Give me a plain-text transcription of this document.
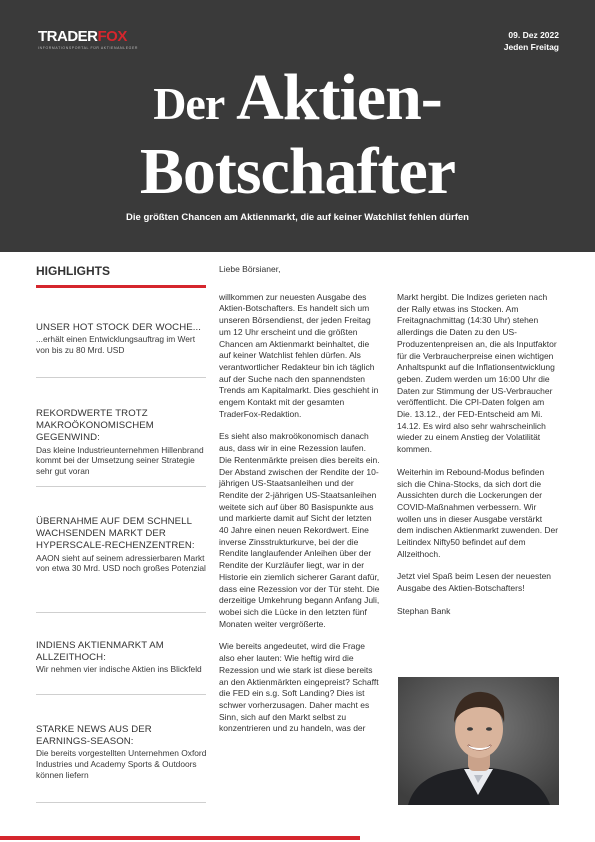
TRADERFOX
INFORMATIONSPORTAL FÜR AKTIENANLEGER
09. Dez 2022
Jeden Freitag
Der Aktien-
Botschafter
Die größten Chancen am Aktienmarkt, die auf keiner Watchlist fehlen dürfen
HIGHLIGHTS
UNSER HOT STOCK DER WOCHE...
...erhält einen Entwicklungsauftrag im Wert von bis zu 80 Mrd. USD
REKORDWERTE TROTZ MAKROÖKONOMISCHEM GEGENWIND:
Das kleine Industrieunternehmen Hillenbrand kommt bei der Umsetzung seiner Strategie sehr gut voran
ÜBERNAHME AUF DEM SCHNELL WACHSENDEN MARKT DER HYPERSCALE-RECHENZENTREN:
AAON sieht auf seinem adressierbaren Markt von etwa 30 Mrd. USD noch großes Potenzial
INDIENS AKTIENMARKT AM ALLZEITHOCH:
Wir nehmen vier indische Aktien ins Blickfeld
STARKE NEWS AUS DER EARNINGS-SEASON:
Die bereits vorgestellten Unternehmen Oxford Industries und Academy Sports & Outdoors können liefern

Liebe Börsianer,

willkommen zur neuesten Ausgabe des Aktien-Botschafters. Es handelt sich um unseren Börsendienst, der jeden Freitag um 12 Uhr erscheint und die größten Chancen am Aktienmarkt beinhaltet, die auf keiner Watchlist fehlen dürfen. Als verantwortlicher Redakteur bin ich täglich auf der Suche nach den spannendsten Trends am Kapitalmarkt. Dies geschieht in engem Kontakt mit der gesamten TraderFox-Redaktion.

Es sieht also makroökonomisch danach aus, dass wir in eine Rezession laufen. Die Rentenmärkte preisen dies bereits ein. Der Abstand zwischen der Rendite der 10-jährigen US-Staatsanleihen und der Rendite der 2-jährigen US-Staatsanleihen weitete sich auf über 80 Basispunkte aus und markierte damit auf Sicht der letzten 40 Jahre einen neuen Rekordwert. Eine inverse Zinsstrukturkurve, bei der die Rendite langlaufender Anleihen über der Rendite der Kurzläufer liegt, war in der Historie ein ziemlich sicherer Garant dafür, dass eine Rezession vor der Tür steht. Die derzeitige Umkehrung begann Anfang Juli, wobei sich die Lücke in den letzten fünf Monaten weiter vergrößerte.

Wie bereits angedeutet, wird die Frage also eher lauten: Wie heftig wird die Rezession und wie stark ist diese bereits an den Aktienmärkten eingepreist? Schafft die FED ein s.g. Soft Landing? Dies ist schwer vorherzusagen. Daher macht es Sinn, sich auf den Markt selbst zu konzentrieren und zu handeln, was der

Markt hergibt. Die Indizes gerieten nach der Rally etwas ins Stocken. Am Freitagnachmittag (14:30 Uhr) stehen allerdings die Daten zu den US-Produzentenpreisen an, die als Inputfaktor für die Verbraucherpreise einen wichtigen Anhaltspunkt auf die Inflationsentwicklung geben. Zudem werden um 16:00 Uhr die Daten zur Stimmung der US-Verbraucher veröffentlicht. Die CPI-Daten folgen am Die. 13.12., der FED-Entscheid am Mi. 14.12. Es wird also sehr wahrscheinlich wieder zu einem Anstieg der Volatilität kommen.

Weiterhin im Rebound-Modus befinden sich die China-Stocks, da sich dort die Aussichten durch die Lockerungen der COVID-Maßnahmen verbessern. Wir wollen uns in dieser Ausgabe verstärkt dem indischen Aktienmarkt zuwenden. Der Leitindex Nifty50 befindet auf dem Allzeithoch.

Jetzt viel Spaß beim Lesen der neuesten Ausgabe des Aktien-Botschafters!

Stephan Bank
